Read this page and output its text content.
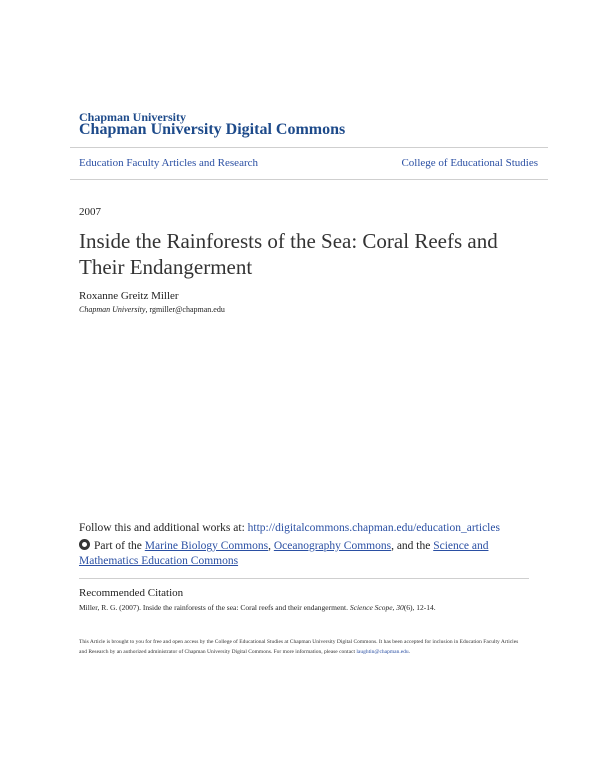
Chapman University
Chapman University Digital Commons
Education Faculty Articles and Research	College of Educational Studies
2007
Inside the Rainforests of the Sea: Coral Reefs and Their Endangerment
Roxanne Greitz Miller
Chapman University, rgmiller@chapman.edu
Follow this and additional works at: http://digitalcommons.chapman.edu/education_articles
Part of the Marine Biology Commons, Oceanography Commons, and the Science and Mathematics Education Commons
Recommended Citation
Miller, R. G. (2007). Inside the rainforests of the sea: Coral reefs and their endangerment. Science Scope, 30(6), 12-14.
This Article is brought to you for free and open access by the College of Educational Studies at Chapman University Digital Commons. It has been accepted for inclusion in Education Faculty Articles and Research by an authorized administrator of Chapman University Digital Commons. For more information, please contact laughtin@chapman.edu.
